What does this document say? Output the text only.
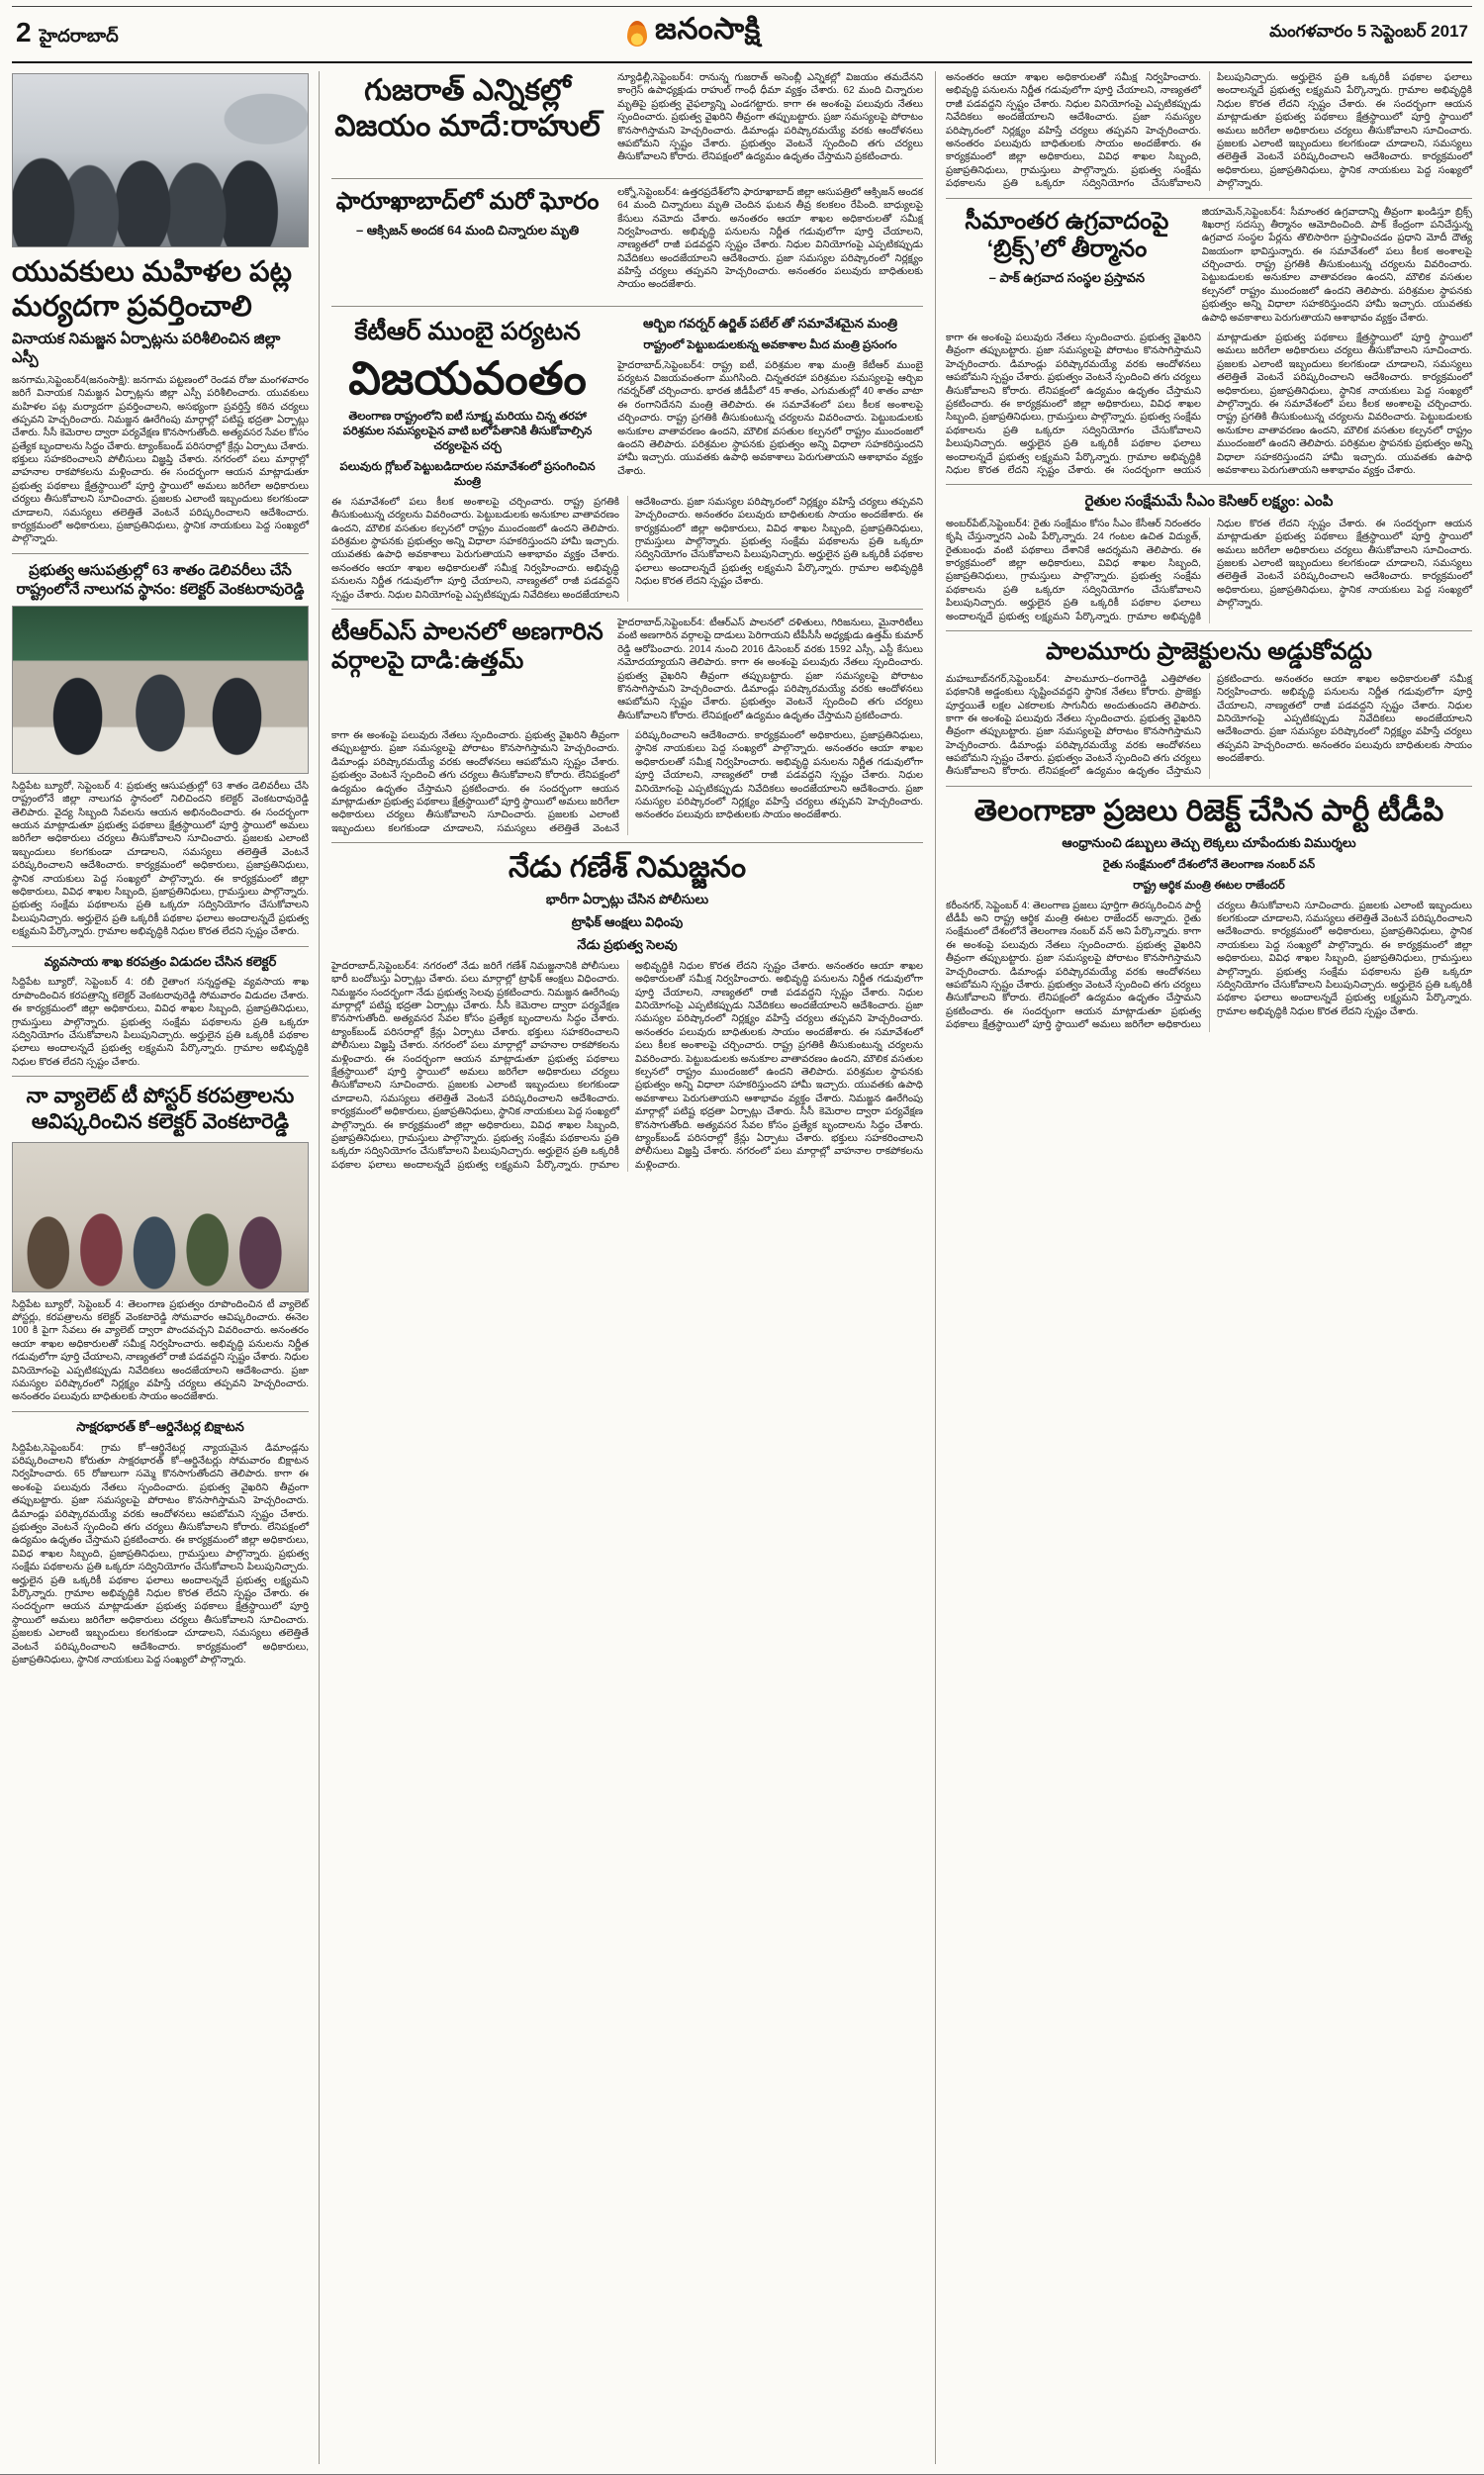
2 హైదరాబాద్	జనంసాక్షి	మంగళవారం 5 సెప్టెంబర్ 2017
యువకులు మహిళల పట్ల మర్యదగా ప్రవర్తించాలి
వినాయక నిమజ్జన ఏర్పాట్లను పరిశీలించిన జిల్లా ఎస్పీ

జనగామ,సెప్టెంబర్4(జనంసాక్షి): జనగామ పట్టణంలో రెండవ రోజు మంగళవారం జరిగే వినాయక నిమజ్జన ఏర్పాట్లను జిల్లా ఎస్పీ పరిశీలించారు. యువకులు మహిళల పట్ల మర్యాదగా ప్రవర్తించాలని, అసభ్యంగా ప్రవర్తిస్తే కఠిన చర్యలు తప్పవని హెచ్చరించారు. నిమజ్జన ఊరేగింపు మార్గాల్లో పటిష్ట భద్రతా ఏర్పాట్లు చేశారు. సీసీ కెమెరాల ద్వారా పర్యవేక్షణ కొనసాగుతోంది. అత్యవసర సేవల కోసం ప్రత్యేక బృందాలను సిద్ధం చేశారు. ట్యాంక్‌బండ్ పరిసరాల్లో క్రేన్లు ఏర్పాటు చేశారు. భక్తులు సహకరించాలని పోలీసులు విజ్ఞప్తి చేశారు. నగరంలో పలు మార్గాల్లో వాహనాల రాకపోకలను మళ్లించారు. ఈ సందర్భంగా ఆయన మాట్లాడుతూ ప్రభుత్వ పథకాలు క్షేత్రస్థాయిలో పూర్తి స్థాయిలో అమలు జరిగేలా అధికారులు చర్యలు తీసుకోవాలని సూచించారు. ప్రజలకు ఎలాంటి ఇబ్బందులు కలగకుండా చూడాలని, సమస్యలు తలెత్తితే వెంటనే పరిష్కరించాలని ఆదేశించారు. కార్యక్రమంలో అధికారులు, ప్రజాప్రతినిధులు, స్థానిక నాయకులు పెద్ద సంఖ్యలో పాల్గొన్నారు.

ప్రభుత్వ ఆసుపత్రుల్లో 63 శాతం డెలివరీలు చేసే రాష్ట్రంలోనే నాలుగవ స్థానం: కలెక్టర్ వెంకటరావురెడ్డి

సిద్దిపేట బ్యూరో, సెప్టెంబర్ 4: ప్రభుత్వ ఆసుపత్రుల్లో 63 శాతం డెలివరీలు చేసి రాష్ట్రంలోనే జిల్లా నాలుగవ స్థానంలో నిలిచిందని కలెక్టర్ వెంకటరావురెడ్డి తెలిపారు. వైద్య సిబ్బంది సేవలను ఆయన అభినందించారు. ఈ సందర్భంగా ఆయన మాట్లాడుతూ ప్రభుత్వ పథకాలు క్షేత్రస్థాయిలో పూర్తి స్థాయిలో అమలు జరిగేలా అధికారులు చర్యలు తీసుకోవాలని సూచించారు. ప్రజలకు ఎలాంటి ఇబ్బందులు కలగకుండా చూడాలని, సమస్యలు తలెత్తితే వెంటనే పరిష్కరించాలని ఆదేశించారు. కార్యక్రమంలో అధికారులు, ప్రజాప్రతినిధులు, స్థానిక నాయకులు పెద్ద సంఖ్యలో పాల్గొన్నారు. ఈ కార్యక్రమంలో జిల్లా అధికారులు, వివిధ శాఖల సిబ్బంది, ప్రజాప్రతినిధులు, గ్రామస్తులు పాల్గొన్నారు. ప్రభుత్వ సంక్షేమ పథకాలను ప్రతి ఒక్కరూ సద్వినియోగం చేసుకోవాలని పిలుపునిచ్చారు. అర్హులైన ప్రతి ఒక్కరికీ పథకాల ఫలాలు అందాలన్నదే ప్రభుత్వ లక్ష్యమని పేర్కొన్నారు. గ్రామాల అభివృద్ధికి నిధుల కొరత లేదని స్పష్టం చేశారు.

వ్యవసాయ శాఖ కరపత్రం విడుదల చేసిన కలెక్టర్

సిద్దిపేట బ్యూరో, సెప్టెంబర్ 4: రబీ రైతాంగ సన్నద్ధతపై వ్యవసాయ శాఖ రూపొందించిన కరపత్రాన్ని కలెక్టర్ వెంకటరావురెడ్డి సోమవారం విడుదల చేశారు. ఈ కార్యక్రమంలో జిల్లా అధికారులు, వివిధ శాఖల సిబ్బంది, ప్రజాప్రతినిధులు, గ్రామస్తులు పాల్గొన్నారు. ప్రభుత్వ సంక్షేమ పథకాలను ప్రతి ఒక్కరూ సద్వినియోగం చేసుకోవాలని పిలుపునిచ్చారు. అర్హులైన ప్రతి ఒక్కరికీ పథకాల ఫలాలు అందాలన్నదే ప్రభుత్వ లక్ష్యమని పేర్కొన్నారు. గ్రామాల అభివృద్ధికి నిధుల కొరత లేదని స్పష్టం చేశారు.

నా వ్యాలెట్ టీ పోస్టర్ కరపత్రాలను ఆవిష్కరించిన కలెక్టర్ వెంకటారెడ్డి

సిద్దిపేట బ్యూరో, సెప్టెంబర్ 4: తెలంగాణ ప్రభుత్వం రూపొందించిన టీ వ్యాలెట్ పోస్టర్లు, కరపత్రాలను కలెక్టర్ వెంకటారెడ్డి సోమవారం ఆవిష్కరించారు. ఈనెల 100 కి పైగా సేవలు ఈ వ్యాలెట్ ద్వారా పొందవచ్చని వివరించారు. అనంతరం ఆయా శాఖల అధికారులతో సమీక్ష నిర్వహించారు. అభివృద్ధి పనులను నిర్ణీత గడువులోగా పూర్తి చేయాలని, నాణ్యతలో రాజీ పడవద్దని స్పష్టం చేశారు. నిధుల వినియోగంపై ఎప్పటికప్పుడు నివేదికలు అందజేయాలని ఆదేశించారు. ప్రజా సమస్యల పరిష్కారంలో నిర్లక్ష్యం వహిస్తే చర్యలు తప్పవని హెచ్చరించారు. అనంతరం పలువురు బాధితులకు సాయం అందజేశారు.

సాక్షరభారత్ కో–ఆర్డినేటర్ల బిక్షాటన

సిద్దిపేట,సెప్టెంబర్4: గ్రామ కో–ఆర్డినేటర్ల న్యాయమైన డిమాండ్లను పరిష్కరించాలని కోరుతూ సాక్షరభారత్ కో–ఆర్డినేటర్లు సోమవారం బిక్షాటన నిర్వహించారు. 65 రోజులుగా సమ్మె కొనసాగుతోందని తెలిపారు. కాగా ఈ అంశంపై పలువురు నేతలు స్పందించారు. ప్రభుత్వ వైఖరిని తీవ్రంగా తప్పుబట్టారు. ప్రజా సమస్యలపై పోరాటం కొనసాగిస్తామని హెచ్చరించారు. డిమాండ్లు పరిష్కారమయ్యే వరకు ఆందోళనలు ఆపబోమని స్పష్టం చేశారు. ప్రభుత్వం వెంటనే స్పందించి తగు చర్యలు తీసుకోవాలని కోరారు. లేనిపక్షంలో ఉద్యమం ఉధృతం చేస్తామని ప్రకటించారు. ఈ కార్యక్రమంలో జిల్లా అధికారులు, వివిధ శాఖల సిబ్బంది, ప్రజాప్రతినిధులు, గ్రామస్తులు పాల్గొన్నారు. ప్రభుత్వ సంక్షేమ పథకాలను ప్రతి ఒక్కరూ సద్వినియోగం చేసుకోవాలని పిలుపునిచ్చారు. అర్హులైన ప్రతి ఒక్కరికీ పథకాల ఫలాలు అందాలన్నదే ప్రభుత్వ లక్ష్యమని పేర్కొన్నారు. గ్రామాల అభివృద్ధికి నిధుల కొరత లేదని స్పష్టం చేశారు. ఈ సందర్భంగా ఆయన మాట్లాడుతూ ప్రభుత్వ పథకాలు క్షేత్రస్థాయిలో పూర్తి స్థాయిలో అమలు జరిగేలా అధికారులు చర్యలు తీసుకోవాలని సూచించారు. ప్రజలకు ఎలాంటి ఇబ్బందులు కలగకుండా చూడాలని, సమస్యలు తలెత్తితే వెంటనే పరిష్కరించాలని ఆదేశించారు. కార్యక్రమంలో అధికారులు, ప్రజాప్రతినిధులు, స్థానిక నాయకులు పెద్ద సంఖ్యలో పాల్గొన్నారు.

గుజరాత్ ఎన్నికల్లో విజయం మాదే:రాహుల్

న్యూఢిల్లీ,సెప్టెంబర్4: రానున్న గుజరాత్ అసెంబ్లీ ఎన్నికల్లో విజయం తమదేనని కాంగ్రెస్ ఉపాధ్యక్షుడు రాహుల్ గాంధీ ధీమా వ్యక్తం చేశారు. 62 మంది చిన్నారుల మృతిపై ప్రభుత్వ వైఫల్యాన్ని ఎండగట్టారు. కాగా ఈ అంశంపై పలువురు నేతలు స్పందించారు. ప్రభుత్వ వైఖరిని తీవ్రంగా తప్పుబట్టారు. ప్రజా సమస్యలపై పోరాటం కొనసాగిస్తామని హెచ్చరించారు. డిమాండ్లు పరిష్కారమయ్యే వరకు ఆందోళనలు ఆపబోమని స్పష్టం చేశారు. ప్రభుత్వం వెంటనే స్పందించి తగు చర్యలు తీసుకోవాలని కోరారు. లేనిపక్షంలో ఉద్యమం ఉధృతం చేస్తామని ప్రకటించారు.

ఫారూఖాబాద్‌లో మరో ఘోరం
– ఆక్సిజన్ అందక 64 మంది చిన్నారుల మృతి

లక్నో,సెప్టెంబర్4: ఉత్తరప్రదేశ్‌లోని ఫారూఖాబాద్ జిల్లా ఆసుపత్రిలో ఆక్సిజన్ అందక 64 మంది చిన్నారులు మృతి చెందిన ఘటన తీవ్ర కలకలం రేపింది. బాధ్యులపై కేసులు నమోదు చేశారు. అనంతరం ఆయా శాఖల అధికారులతో సమీక్ష నిర్వహించారు. అభివృద్ధి పనులను నిర్ణీత గడువులోగా పూర్తి చేయాలని, నాణ్యతలో రాజీ పడవద్దని స్పష్టం చేశారు. నిధుల వినియోగంపై ఎప్పటికప్పుడు నివేదికలు అందజేయాలని ఆదేశించారు. ప్రజా సమస్యల పరిష్కారంలో నిర్లక్ష్యం వహిస్తే చర్యలు తప్పవని హెచ్చరించారు. అనంతరం పలువురు బాధితులకు సాయం అందజేశారు.

కేటీఆర్ ముంబై పర్యటన
విజయవంతం
తెలంగాణ రాష్ట్రంలోని ఐటీ సూక్ష్మ మరియు చిన్న తరహా పరిశ్రమల సమస్యలపైన వాటి బలోపేతానికి తీసుకోవాల్సిన చర్యలపైన చర్చ
పలువురు గ్లోబల్ పెట్టుబడిదారుల సమావేశంలో ప్రసంగించిన మంత్రి
ఆర్బిఐ గవర్నర్ ఉర్జిత్ పటేల్ తో సమావేశమైన మంత్రి
రాష్ట్రంలో పెట్టుబడులకున్న అవకాశాల మీద మంత్రి ప్రసంగం

హైదరాబాద్,సెప్టెంబర్4: రాష్ట్ర ఐటీ, పరిశ్రమల శాఖ మంత్రి కేటీఆర్ ముంబై పర్యటన విజయవంతంగా ముగిసింది. చిన్నతరహా పరిశ్రమల సమస్యలపై ఆర్బిఐ గవర్నర్‌తో చర్చించారు. భారత జీడీపీలో 45 శాతం, ఎగుమతుల్లో 40 శాతం వాటా ఈ రంగానిదేనని మంత్రి తెలిపారు. ఈ సమావేశంలో పలు కీలక అంశాలపై చర్చించారు. రాష్ట్ర ప్రగతికి తీసుకుంటున్న చర్యలను వివరించారు. పెట్టుబడులకు అనుకూల వాతావరణం ఉందని, మౌలిక వసతుల కల్పనలో రాష్ట్రం ముందంజలో ఉందని తెలిపారు. పరిశ్రమల స్థాపనకు ప్రభుత్వం అన్ని విధాలా సహకరిస్తుందని హామీ ఇచ్చారు. యువతకు ఉపాధి అవకాశాలు పెరుగుతాయని ఆశాభావం వ్యక్తం చేశారు.

ఈ సమావేశంలో పలు కీలక అంశాలపై చర్చించారు. రాష్ట్ర ప్రగతికి తీసుకుంటున్న చర్యలను వివరించారు. పెట్టుబడులకు అనుకూల వాతావరణం ఉందని, మౌలిక వసతుల కల్పనలో రాష్ట్రం ముందంజలో ఉందని తెలిపారు. పరిశ్రమల స్థాపనకు ప్రభుత్వం అన్ని విధాలా సహకరిస్తుందని హామీ ఇచ్చారు. యువతకు ఉపాధి అవకాశాలు పెరుగుతాయని ఆశాభావం వ్యక్తం చేశారు. అనంతరం ఆయా శాఖల అధికారులతో సమీక్ష నిర్వహించారు. అభివృద్ధి పనులను నిర్ణీత గడువులోగా పూర్తి చేయాలని, నాణ్యతలో రాజీ పడవద్దని స్పష్టం చేశారు. నిధుల వినియోగంపై ఎప్పటికప్పుడు నివేదికలు అందజేయాలని ఆదేశించారు. ప్రజా సమస్యల పరిష్కారంలో నిర్లక్ష్యం వహిస్తే చర్యలు తప్పవని హెచ్చరించారు. అనంతరం పలువురు బాధితులకు సాయం అందజేశారు. ఈ కార్యక్రమంలో జిల్లా అధికారులు, వివిధ శాఖల సిబ్బంది, ప్రజాప్రతినిధులు, గ్రామస్తులు పాల్గొన్నారు. ప్రభుత్వ సంక్షేమ పథకాలను ప్రతి ఒక్కరూ సద్వినియోగం చేసుకోవాలని పిలుపునిచ్చారు. అర్హులైన ప్రతి ఒక్కరికీ పథకాల ఫలాలు అందాలన్నదే ప్రభుత్వ లక్ష్యమని పేర్కొన్నారు. గ్రామాల అభివృద్ధికి నిధుల కొరత లేదని స్పష్టం చేశారు.

టీఆర్ఎస్ పాలనలో అణగారిన వర్గాలపై దాడి:ఉత్తమ్

హైదరాబాద్,సెప్టెంబర్4: టీఆర్ఎస్ పాలనలో దళితులు, గిరిజనులు, మైనారిటీలు వంటి అణగారిన వర్గాలపై దాడులు పెరిగాయని టీపీసీసీ అధ్యక్షుడు ఉత్తమ్ కుమార్ రెడ్డి ఆరోపించారు. 2014 నుంచి 2016 డిసెంబర్ వరకు 1592 ఎస్సీ, ఎస్టీ కేసులు నమోదయ్యాయని తెలిపారు. కాగా ఈ అంశంపై పలువురు నేతలు స్పందించారు. ప్రభుత్వ వైఖరిని తీవ్రంగా తప్పుబట్టారు. ప్రజా సమస్యలపై పోరాటం కొనసాగిస్తామని హెచ్చరించారు. డిమాండ్లు పరిష్కారమయ్యే వరకు ఆందోళనలు ఆపబోమని స్పష్టం చేశారు. ప్రభుత్వం వెంటనే స్పందించి తగు చర్యలు తీసుకోవాలని కోరారు. లేనిపక్షంలో ఉద్యమం ఉధృతం చేస్తామని ప్రకటించారు.

కాగా ఈ అంశంపై పలువురు నేతలు స్పందించారు. ప్రభుత్వ వైఖరిని తీవ్రంగా తప్పుబట్టారు. ప్రజా సమస్యలపై పోరాటం కొనసాగిస్తామని హెచ్చరించారు. డిమాండ్లు పరిష్కారమయ్యే వరకు ఆందోళనలు ఆపబోమని స్పష్టం చేశారు. ప్రభుత్వం వెంటనే స్పందించి తగు చర్యలు తీసుకోవాలని కోరారు. లేనిపక్షంలో ఉద్యమం ఉధృతం చేస్తామని ప్రకటించారు. ఈ సందర్భంగా ఆయన మాట్లాడుతూ ప్రభుత్వ పథకాలు క్షేత్రస్థాయిలో పూర్తి స్థాయిలో అమలు జరిగేలా అధికారులు చర్యలు తీసుకోవాలని సూచించారు. ప్రజలకు ఎలాంటి ఇబ్బందులు కలగకుండా చూడాలని, సమస్యలు తలెత్తితే వెంటనే పరిష్కరించాలని ఆదేశించారు. కార్యక్రమంలో అధికారులు, ప్రజాప్రతినిధులు, స్థానిక నాయకులు పెద్ద సంఖ్యలో పాల్గొన్నారు. అనంతరం ఆయా శాఖల అధికారులతో సమీక్ష నిర్వహించారు. అభివృద్ధి పనులను నిర్ణీత గడువులోగా పూర్తి చేయాలని, నాణ్యతలో రాజీ పడవద్దని స్పష్టం చేశారు. నిధుల వినియోగంపై ఎప్పటికప్పుడు నివేదికలు అందజేయాలని ఆదేశించారు. ప్రజా సమస్యల పరిష్కారంలో నిర్లక్ష్యం వహిస్తే చర్యలు తప్పవని హెచ్చరించారు. అనంతరం పలువురు బాధితులకు సాయం అందజేశారు.

నేడు గణేశ్ నిమజ్జనం
భారీగా ఏర్పాట్లు చేసిన పోలీసులు
ట్రాఫిక్ ఆంక్షలు విధింపు
నేడు ప్రభుత్వ సెలవు

హైదరాబాద్,సెప్టెంబర్4: నగరంలో నేడు జరిగే గణేశ్ నిమజ్జనానికి పోలీసులు భారీ బందోబస్తు ఏర్పాట్లు చేశారు. పలు మార్గాల్లో ట్రాఫిక్ ఆంక్షలు విధించారు. నిమజ్జనం సందర్భంగా నేడు ప్రభుత్వ సెలవు ప్రకటించారు. నిమజ్జన ఊరేగింపు మార్గాల్లో పటిష్ట భద్రతా ఏర్పాట్లు చేశారు. సీసీ కెమెరాల ద్వారా పర్యవేక్షణ కొనసాగుతోంది. అత్యవసర సేవల కోసం ప్రత్యేక బృందాలను సిద్ధం చేశారు. ట్యాంక్‌బండ్ పరిసరాల్లో క్రేన్లు ఏర్పాటు చేశారు. భక్తులు సహకరించాలని పోలీసులు విజ్ఞప్తి చేశారు. నగరంలో పలు మార్గాల్లో వాహనాల రాకపోకలను మళ్లించారు. ఈ సందర్భంగా ఆయన మాట్లాడుతూ ప్రభుత్వ పథకాలు క్షేత్రస్థాయిలో పూర్తి స్థాయిలో అమలు జరిగేలా అధికారులు చర్యలు తీసుకోవాలని సూచించారు. ప్రజలకు ఎలాంటి ఇబ్బందులు కలగకుండా చూడాలని, సమస్యలు తలెత్తితే వెంటనే పరిష్కరించాలని ఆదేశించారు. కార్యక్రమంలో అధికారులు, ప్రజాప్రతినిధులు, స్థానిక నాయకులు పెద్ద సంఖ్యలో పాల్గొన్నారు. ఈ కార్యక్రమంలో జిల్లా అధికారులు, వివిధ శాఖల సిబ్బంది, ప్రజాప్రతినిధులు, గ్రామస్తులు పాల్గొన్నారు. ప్రభుత్వ సంక్షేమ పథకాలను ప్రతి ఒక్కరూ సద్వినియోగం చేసుకోవాలని పిలుపునిచ్చారు. అర్హులైన ప్రతి ఒక్కరికీ పథకాల ఫలాలు అందాలన్నదే ప్రభుత్వ లక్ష్యమని పేర్కొన్నారు. గ్రామాల అభివృద్ధికి నిధుల కొరత లేదని స్పష్టం చేశారు. అనంతరం ఆయా శాఖల అధికారులతో సమీక్ష నిర్వహించారు. అభివృద్ధి పనులను నిర్ణీత గడువులోగా పూర్తి చేయాలని, నాణ్యతలో రాజీ పడవద్దని స్పష్టం చేశారు. నిధుల వినియోగంపై ఎప్పటికప్పుడు నివేదికలు అందజేయాలని ఆదేశించారు. ప్రజా సమస్యల పరిష్కారంలో నిర్లక్ష్యం వహిస్తే చర్యలు తప్పవని హెచ్చరించారు. అనంతరం పలువురు బాధితులకు సాయం అందజేశారు. ఈ సమావేశంలో పలు కీలక అంశాలపై చర్చించారు. రాష్ట్ర ప్రగతికి తీసుకుంటున్న చర్యలను వివరించారు. పెట్టుబడులకు అనుకూల వాతావరణం ఉందని, మౌలిక వసతుల కల్పనలో రాష్ట్రం ముందంజలో ఉందని తెలిపారు. పరిశ్రమల స్థాపనకు ప్రభుత్వం అన్ని విధాలా సహకరిస్తుందని హామీ ఇచ్చారు. యువతకు ఉపాధి అవకాశాలు పెరుగుతాయని ఆశాభావం వ్యక్తం చేశారు. నిమజ్జన ఊరేగింపు మార్గాల్లో పటిష్ట భద్రతా ఏర్పాట్లు చేశారు. సీసీ కెమెరాల ద్వారా పర్యవేక్షణ కొనసాగుతోంది. అత్యవసర సేవల కోసం ప్రత్యేక బృందాలను సిద్ధం చేశారు. ట్యాంక్‌బండ్ పరిసరాల్లో క్రేన్లు ఏర్పాటు చేశారు. భక్తులు సహకరించాలని పోలీసులు విజ్ఞప్తి చేశారు. నగరంలో పలు మార్గాల్లో వాహనాల రాకపోకలను మళ్లించారు.

అనంతరం ఆయా శాఖల అధికారులతో సమీక్ష నిర్వహించారు. అభివృద్ధి పనులను నిర్ణీత గడువులోగా పూర్తి చేయాలని, నాణ్యతలో రాజీ పడవద్దని స్పష్టం చేశారు. నిధుల వినియోగంపై ఎప్పటికప్పుడు నివేదికలు అందజేయాలని ఆదేశించారు. ప్రజా సమస్యల పరిష్కారంలో నిర్లక్ష్యం వహిస్తే చర్యలు తప్పవని హెచ్చరించారు. అనంతరం పలువురు బాధితులకు సాయం అందజేశారు. ఈ కార్యక్రమంలో జిల్లా అధికారులు, వివిధ శాఖల సిబ్బంది, ప్రజాప్రతినిధులు, గ్రామస్తులు పాల్గొన్నారు. ప్రభుత్వ సంక్షేమ పథకాలను ప్రతి ఒక్కరూ సద్వినియోగం చేసుకోవాలని పిలుపునిచ్చారు. అర్హులైన ప్రతి ఒక్కరికీ పథకాల ఫలాలు అందాలన్నదే ప్రభుత్వ లక్ష్యమని పేర్కొన్నారు. గ్రామాల అభివృద్ధికి నిధుల కొరత లేదని స్పష్టం చేశారు. ఈ సందర్భంగా ఆయన మాట్లాడుతూ ప్రభుత్వ పథకాలు క్షేత్రస్థాయిలో పూర్తి స్థాయిలో అమలు జరిగేలా అధికారులు చర్యలు తీసుకోవాలని సూచించారు. ప్రజలకు ఎలాంటి ఇబ్బందులు కలగకుండా చూడాలని, సమస్యలు తలెత్తితే వెంటనే పరిష్కరించాలని ఆదేశించారు. కార్యక్రమంలో అధికారులు, ప్రజాప్రతినిధులు, స్థానిక నాయకులు పెద్ద సంఖ్యలో పాల్గొన్నారు.

సీమాంతర ఉగ్రవాదంపై ‘బ్రిక్స్’లో తీర్మానం
– పాక్ ఉగ్రవాద సంస్థల ప్రస్తావన

జియామెన్,సెప్టెంబర్4: సీమాంతర ఉగ్రవాదాన్ని తీవ్రంగా ఖండిస్తూ బ్రిక్స్ శిఖరాగ్ర సదస్సు తీర్మానం ఆమోదించింది. పాక్ కేంద్రంగా పనిచేస్తున్న ఉగ్రవాద సంస్థల పేర్లను తొలిసారిగా ప్రస్తావించడం ప్రధాని మోదీ దౌత్య విజయంగా భావిస్తున్నారు. ఈ సమావేశంలో పలు కీలక అంశాలపై చర్చించారు. రాష్ట్ర ప్రగతికి తీసుకుంటున్న చర్యలను వివరించారు. పెట్టుబడులకు అనుకూల వాతావరణం ఉందని, మౌలిక వసతుల కల్పనలో రాష్ట్రం ముందంజలో ఉందని తెలిపారు. పరిశ్రమల స్థాపనకు ప్రభుత్వం అన్ని విధాలా సహకరిస్తుందని హామీ ఇచ్చారు. యువతకు ఉపాధి అవకాశాలు పెరుగుతాయని ఆశాభావం వ్యక్తం చేశారు.

కాగా ఈ అంశంపై పలువురు నేతలు స్పందించారు. ప్రభుత్వ వైఖరిని తీవ్రంగా తప్పుబట్టారు. ప్రజా సమస్యలపై పోరాటం కొనసాగిస్తామని హెచ్చరించారు. డిమాండ్లు పరిష్కారమయ్యే వరకు ఆందోళనలు ఆపబోమని స్పష్టం చేశారు. ప్రభుత్వం వెంటనే స్పందించి తగు చర్యలు తీసుకోవాలని కోరారు. లేనిపక్షంలో ఉద్యమం ఉధృతం చేస్తామని ప్రకటించారు. ఈ కార్యక్రమంలో జిల్లా అధికారులు, వివిధ శాఖల సిబ్బంది, ప్రజాప్రతినిధులు, గ్రామస్తులు పాల్గొన్నారు. ప్రభుత్వ సంక్షేమ పథకాలను ప్రతి ఒక్కరూ సద్వినియోగం చేసుకోవాలని పిలుపునిచ్చారు. అర్హులైన ప్రతి ఒక్కరికీ పథకాల ఫలాలు అందాలన్నదే ప్రభుత్వ లక్ష్యమని పేర్కొన్నారు. గ్రామాల అభివృద్ధికి నిధుల కొరత లేదని స్పష్టం చేశారు. ఈ సందర్భంగా ఆయన మాట్లాడుతూ ప్రభుత్వ పథకాలు క్షేత్రస్థాయిలో పూర్తి స్థాయిలో అమలు జరిగేలా అధికారులు చర్యలు తీసుకోవాలని సూచించారు. ప్రజలకు ఎలాంటి ఇబ్బందులు కలగకుండా చూడాలని, సమస్యలు తలెత్తితే వెంటనే పరిష్కరించాలని ఆదేశించారు. కార్యక్రమంలో అధికారులు, ప్రజాప్రతినిధులు, స్థానిక నాయకులు పెద్ద సంఖ్యలో పాల్గొన్నారు. ఈ సమావేశంలో పలు కీలక అంశాలపై చర్చించారు. రాష్ట్ర ప్రగతికి తీసుకుంటున్న చర్యలను వివరించారు. పెట్టుబడులకు అనుకూల వాతావరణం ఉందని, మౌలిక వసతుల కల్పనలో రాష్ట్రం ముందంజలో ఉందని తెలిపారు. పరిశ్రమల స్థాపనకు ప్రభుత్వం అన్ని విధాలా సహకరిస్తుందని హామీ ఇచ్చారు. యువతకు ఉపాధి అవకాశాలు పెరుగుతాయని ఆశాభావం వ్యక్తం చేశారు.

రైతుల సంక్షేమమే సీఎం కెసిఆర్ లక్ష్యం: ఎంపి

అంబర్‌పేట్,సెప్టెంబర్4: రైతు సంక్షేమం కోసం సీఎం కేసీఆర్ నిరంతరం కృషి చేస్తున్నారని ఎంపి పేర్కొన్నారు. 24 గంటల ఉచిత విద్యుత్, రైతుబంధు వంటి పథకాలు దేశానికే ఆదర్శమని తెలిపారు. ఈ కార్యక్రమంలో జిల్లా అధికారులు, వివిధ శాఖల సిబ్బంది, ప్రజాప్రతినిధులు, గ్రామస్తులు పాల్గొన్నారు. ప్రభుత్వ సంక్షేమ పథకాలను ప్రతి ఒక్కరూ సద్వినియోగం చేసుకోవాలని పిలుపునిచ్చారు. అర్హులైన ప్రతి ఒక్కరికీ పథకాల ఫలాలు అందాలన్నదే ప్రభుత్వ లక్ష్యమని పేర్కొన్నారు. గ్రామాల అభివృద్ధికి నిధుల కొరత లేదని స్పష్టం చేశారు. ఈ సందర్భంగా ఆయన మాట్లాడుతూ ప్రభుత్వ పథకాలు క్షేత్రస్థాయిలో పూర్తి స్థాయిలో అమలు జరిగేలా అధికారులు చర్యలు తీసుకోవాలని సూచించారు. ప్రజలకు ఎలాంటి ఇబ్బందులు కలగకుండా చూడాలని, సమస్యలు తలెత్తితే వెంటనే పరిష్కరించాలని ఆదేశించారు. కార్యక్రమంలో అధికారులు, ప్రజాప్రతినిధులు, స్థానిక నాయకులు పెద్ద సంఖ్యలో పాల్గొన్నారు.

పాలమూరు ప్రాజెక్టులను అడ్డుకోవద్దు

మహబూబ్‌నగర్,సెప్టెంబర్4: పాలమూరు–రంగారెడ్డి ఎత్తిపోతల పథకానికి అడ్డంకులు సృష్టించవద్దని స్థానిక నేతలు కోరారు. ప్రాజెక్టు పూర్తయితే లక్షల ఎకరాలకు సాగునీరు అందుతుందని తెలిపారు. కాగా ఈ అంశంపై పలువురు నేతలు స్పందించారు. ప్రభుత్వ వైఖరిని తీవ్రంగా తప్పుబట్టారు. ప్రజా సమస్యలపై పోరాటం కొనసాగిస్తామని హెచ్చరించారు. డిమాండ్లు పరిష్కారమయ్యే వరకు ఆందోళనలు ఆపబోమని స్పష్టం చేశారు. ప్రభుత్వం వెంటనే స్పందించి తగు చర్యలు తీసుకోవాలని కోరారు. లేనిపక్షంలో ఉద్యమం ఉధృతం చేస్తామని ప్రకటించారు. అనంతరం ఆయా శాఖల అధికారులతో సమీక్ష నిర్వహించారు. అభివృద్ధి పనులను నిర్ణీత గడువులోగా పూర్తి చేయాలని, నాణ్యతలో రాజీ పడవద్దని స్పష్టం చేశారు. నిధుల వినియోగంపై ఎప్పటికప్పుడు నివేదికలు అందజేయాలని ఆదేశించారు. ప్రజా సమస్యల పరిష్కారంలో నిర్లక్ష్యం వహిస్తే చర్యలు తప్పవని హెచ్చరించారు. అనంతరం పలువురు బాధితులకు సాయం అందజేశారు.

తెలంగాణా ప్రజలు రిజెక్ట్ చేసిన పార్టీ టీడీపి
ఆంధ్రానుంచి డబ్బులు తెచ్చు లెక్కలు చూపేందుకు విముర్శలు
రైతు సంక్షేమంలో దేశంలోనే తెలంగాణ నంబర్ వన్
రాష్ట్ర ఆర్థిక మంత్రి ఈటల రాజేందర్

కరీంనగర్, సెప్టెంబర్ 4: తెలంగాణ ప్రజలు పూర్తిగా తిరస్కరించిన పార్టీ టీడీపీ అని రాష్ట్ర ఆర్థిక మంత్రి ఈటల రాజేందర్ అన్నారు. రైతు సంక్షేమంలో దేశంలోనే తెలంగాణ నంబర్ వన్ అని పేర్కొన్నారు. కాగా ఈ అంశంపై పలువురు నేతలు స్పందించారు. ప్రభుత్వ వైఖరిని తీవ్రంగా తప్పుబట్టారు. ప్రజా సమస్యలపై పోరాటం కొనసాగిస్తామని హెచ్చరించారు. డిమాండ్లు పరిష్కారమయ్యే వరకు ఆందోళనలు ఆపబోమని స్పష్టం చేశారు. ప్రభుత్వం వెంటనే స్పందించి తగు చర్యలు తీసుకోవాలని కోరారు. లేనిపక్షంలో ఉద్యమం ఉధృతం చేస్తామని ప్రకటించారు. ఈ సందర్భంగా ఆయన మాట్లాడుతూ ప్రభుత్వ పథకాలు క్షేత్రస్థాయిలో పూర్తి స్థాయిలో అమలు జరిగేలా అధికారులు చర్యలు తీసుకోవాలని సూచించారు. ప్రజలకు ఎలాంటి ఇబ్బందులు కలగకుండా చూడాలని, సమస్యలు తలెత్తితే వెంటనే పరిష్కరించాలని ఆదేశించారు. కార్యక్రమంలో అధికారులు, ప్రజాప్రతినిధులు, స్థానిక నాయకులు పెద్ద సంఖ్యలో పాల్గొన్నారు. ఈ కార్యక్రమంలో జిల్లా అధికారులు, వివిధ శాఖల సిబ్బంది, ప్రజాప్రతినిధులు, గ్రామస్తులు పాల్గొన్నారు. ప్రభుత్వ సంక్షేమ పథకాలను ప్రతి ఒక్కరూ సద్వినియోగం చేసుకోవాలని పిలుపునిచ్చారు. అర్హులైన ప్రతి ఒక్కరికీ పథకాల ఫలాలు అందాలన్నదే ప్రభుత్వ లక్ష్యమని పేర్కొన్నారు. గ్రామాల అభివృద్ధికి నిధుల కొరత లేదని స్పష్టం చేశారు.
